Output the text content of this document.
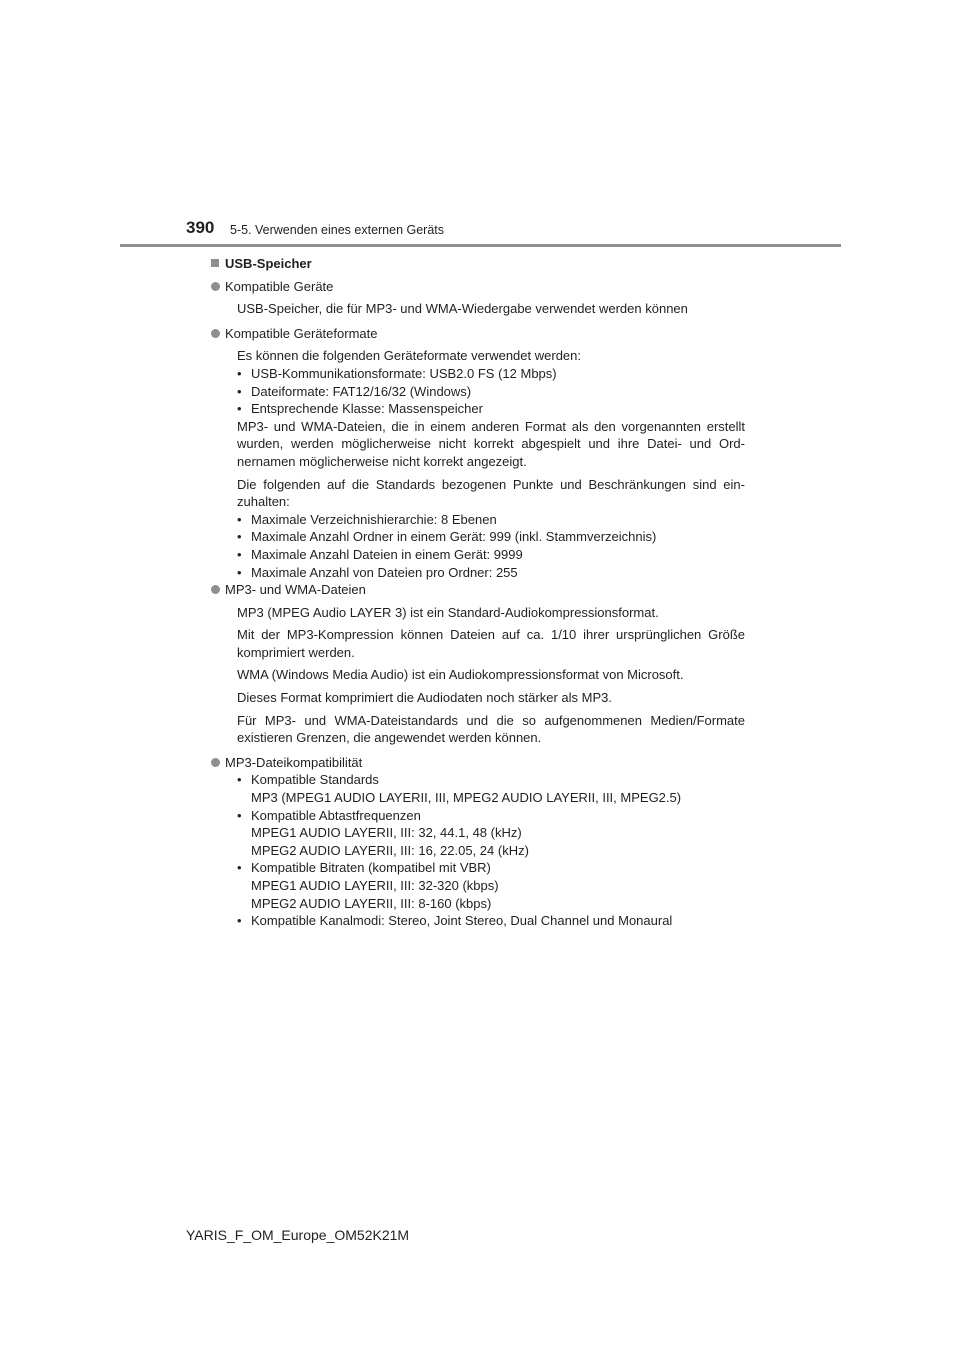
390 5-5. Verwenden eines externen Geräts
USB-Speicher
Kompatible Geräte
USB-Speicher, die für MP3- und WMA-Wiedergabe verwendet werden können
Kompatible Geräteformate
Es können die folgenden Geräteformate verwendet werden:
• USB-Kommunikationsformate: USB2.0 FS (12 Mbps)
• Dateiformate: FAT12/16/32 (Windows)
• Entsprechende Klasse: Massenspeicher
MP3- und WMA-Dateien, die in einem anderen Format als den vorgenannten erstellt wurden, werden möglicherweise nicht korrekt abgespielt und ihre Datei- und Ordnernamen möglicherweise nicht korrekt angezeigt.
Die folgenden auf die Standards bezogenen Punkte und Beschränkungen sind einzuhalten:
• Maximale Verzeichnishierarchie: 8 Ebenen
• Maximale Anzahl Ordner in einem Gerät: 999 (inkl. Stammverzeichnis)
• Maximale Anzahl Dateien in einem Gerät: 9999
• Maximale Anzahl von Dateien pro Ordner: 255
MP3- und WMA-Dateien
MP3 (MPEG Audio LAYER 3) ist ein Standard-Audiokompressionsformat.
Mit der MP3-Kompression können Dateien auf ca. 1/10 ihrer ursprünglichen Größe komprimiert werden.
WMA (Windows Media Audio) ist ein Audiokompressionsformat von Microsoft.
Dieses Format komprimiert die Audiodaten noch stärker als MP3.
Für MP3- und WMA-Dateistandards und die so aufgenommenen Medien/Formate existieren Grenzen, die angewendet werden können.
MP3-Dateikompatibilität
• Kompatible Standards
MP3 (MPEG1 AUDIO LAYERII, III, MPEG2 AUDIO LAYERII, III, MPEG2.5)
• Kompatible Abtastfrequenzen
MPEG1 AUDIO LAYERII, III: 32, 44.1, 48 (kHz)
MPEG2 AUDIO LAYERII, III: 16, 22.05, 24 (kHz)
• Kompatible Bitraten (kompatibel mit VBR)
MPEG1 AUDIO LAYERII, III: 32-320 (kbps)
MPEG2 AUDIO LAYERII, III: 8-160 (kbps)
• Kompatible Kanalmodi: Stereo, Joint Stereo, Dual Channel und Monaural
YARIS_F_OM_Europe_OM52K21M
